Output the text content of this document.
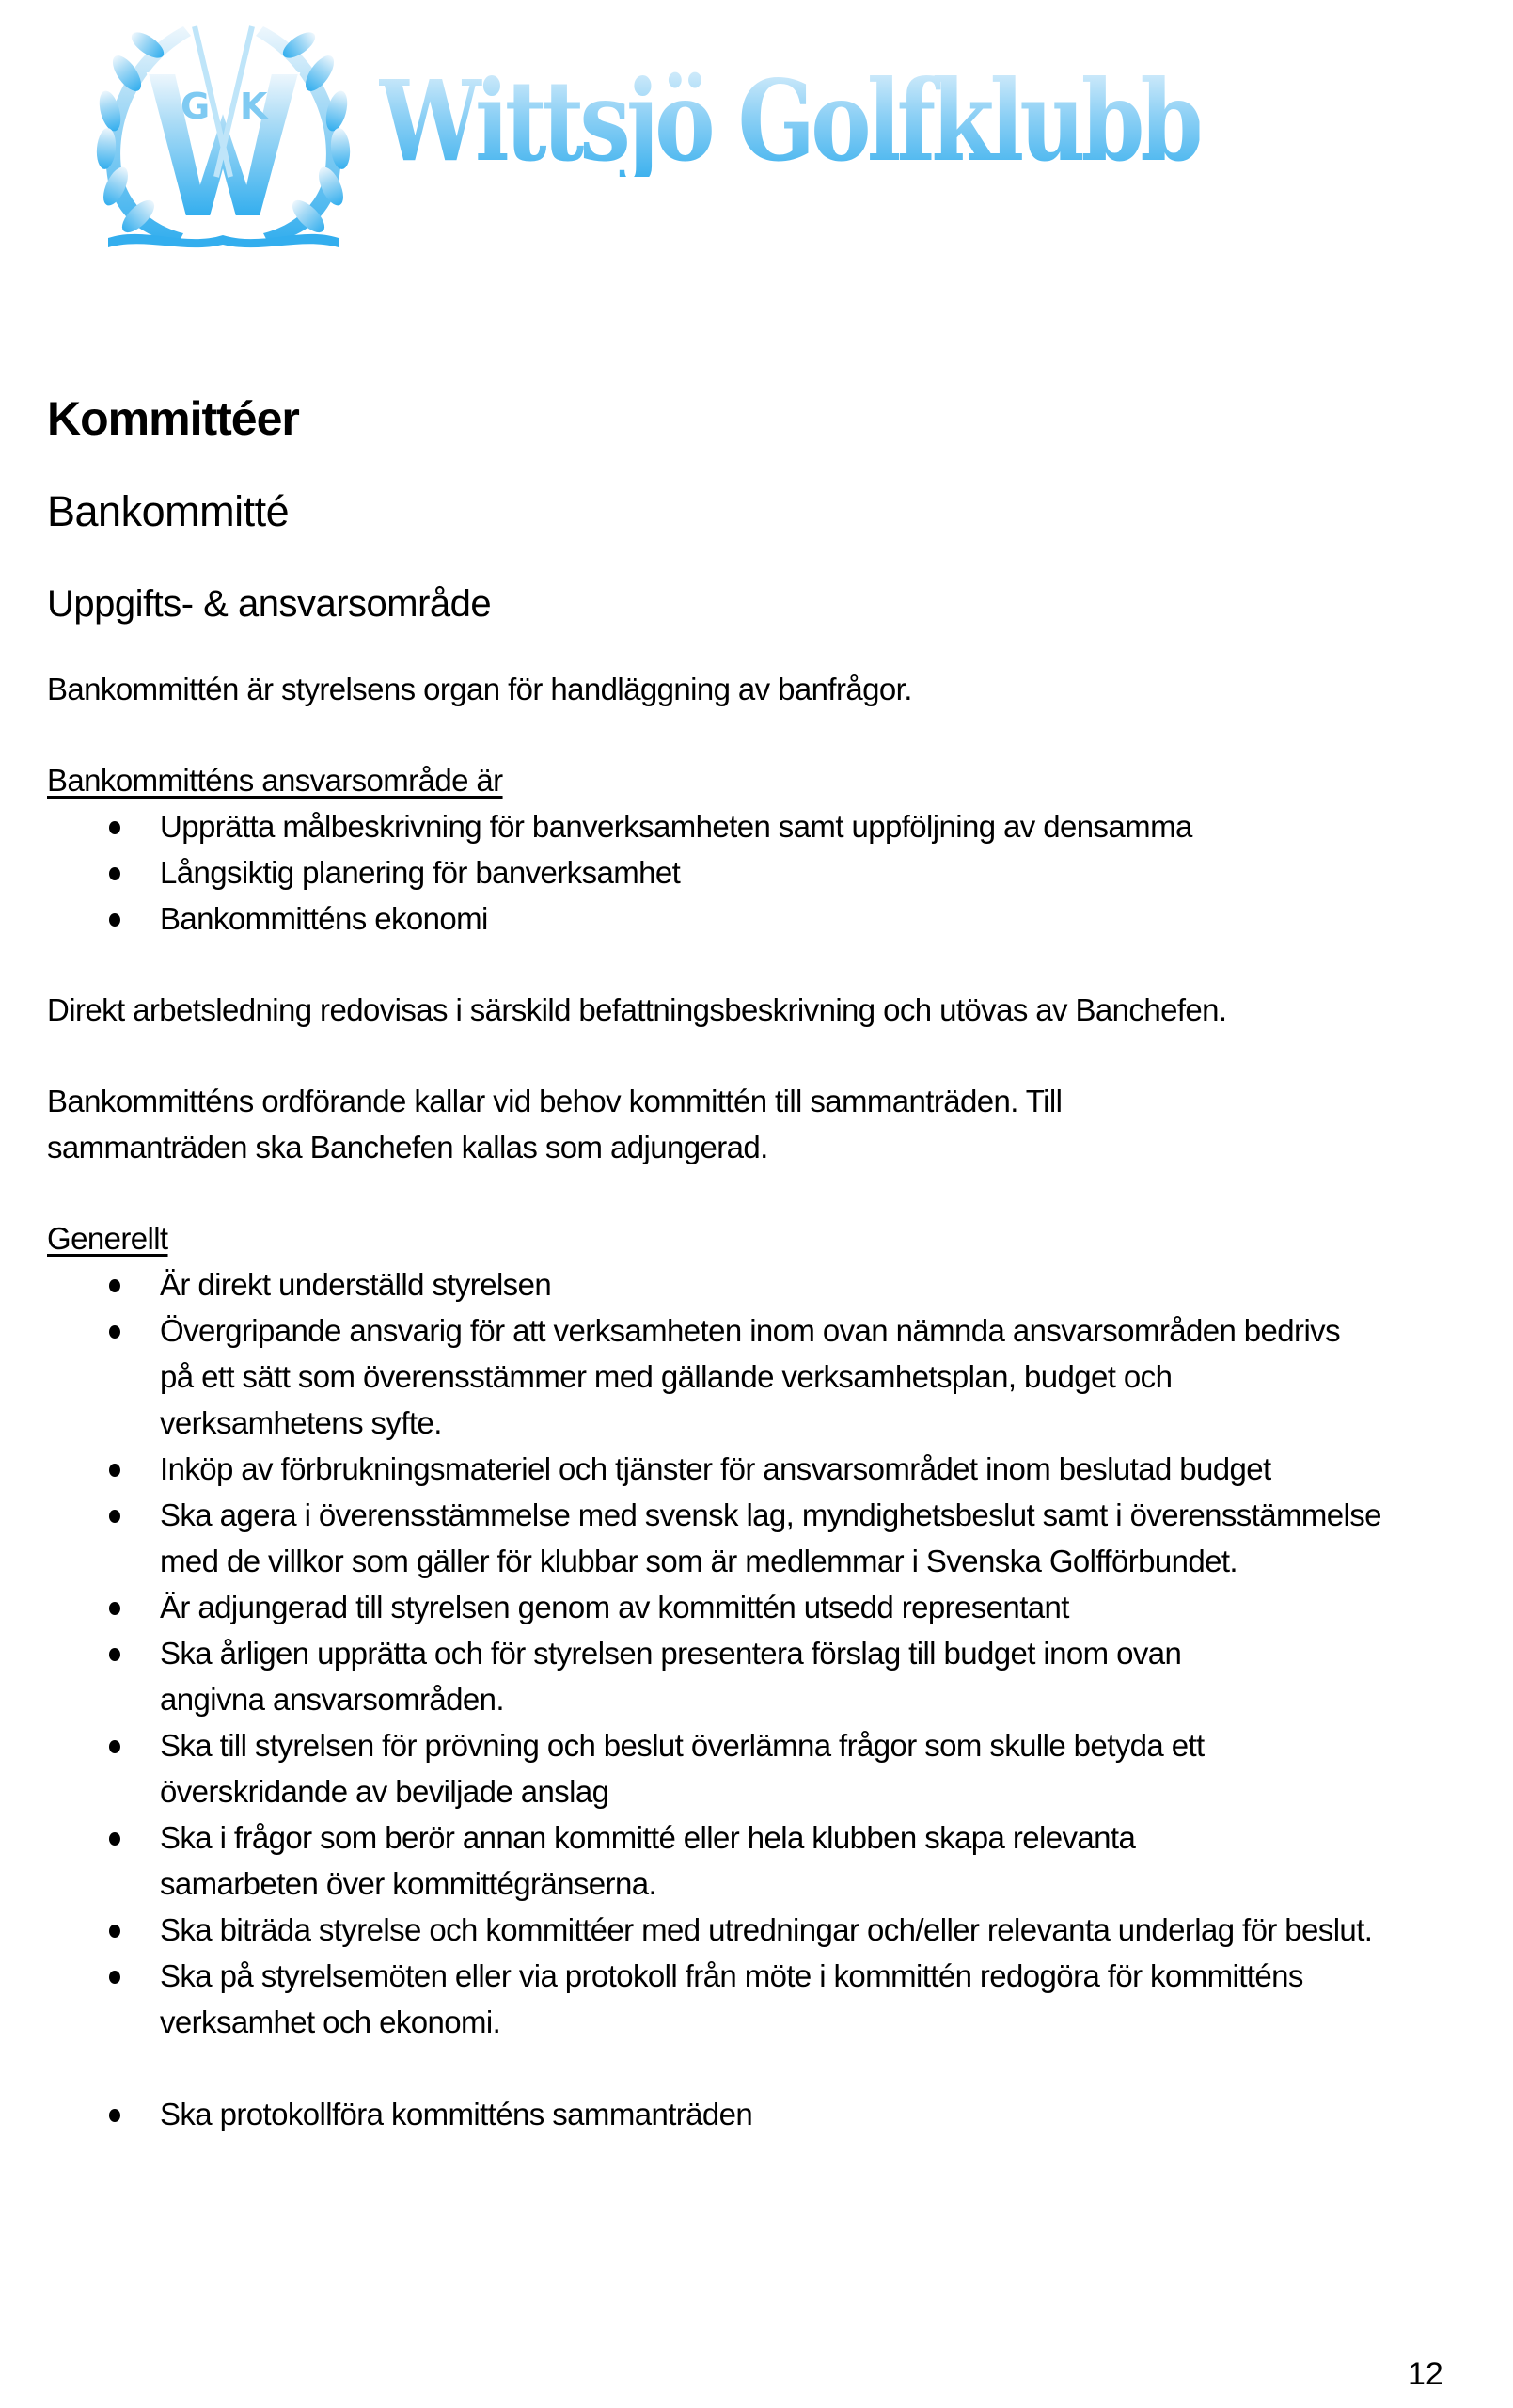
G K Wittsjö Golfklubb
Kommittéer
Bankommitté
Uppgifts- & ansvarsområde

Bankommittén är styrelsens organ för handläggning av banfrågor.

Bankommitténs ansvarsområde är

Upprätta målbeskrivning för banverksamheten samt uppföljning av densamma
Långsiktig planering för banverksamhet
Bankommitténs ekonomi

Direkt arbetsledning redovisas i särskild befattningsbeskrivning och utövas av Banchefen.

Bankommitténs ordförande kallar vid behov kommittén till sammanträden. Till

sammanträden ska Banchefen kallas som adjungerad.

Generellt

Är direkt underställd styrelsen
Övergripande ansvarig för att verksamheten inom ovan nämnda ansvarsområden bedrivs på ett sätt som överensstämmer med gällande verksamhetsplan, budget och verksamhetens syfte.
Inköp av förbrukningsmateriel och tjänster för ansvarsområdet inom beslutad budget
Ska agera i överensstämmelse med svensk lag, myndighetsbeslut samt i överensstämmelse med de villkor som gäller för klubbar som är medlemmar i Svenska Golfförbundet.
Är adjungerad till styrelsen genom av kommittén utsedd representant
Ska årligen upprätta och för styrelsen presentera förslag till budget inom ovan angivna ansvarsområden.
Ska till styrelsen för prövning och beslut överlämna frågor som skulle betyda ett överskridande av beviljade anslag
Ska i frågor som berör annan kommitté eller hela klubben skapa relevanta samarbeten över kommittégränserna.
Ska biträda styrelse och kommittéer med utredningar och/eller relevanta underlag för beslut.
Ska på styrelsemöten eller via protokoll från möte i kommittén redogöra för kommitténs verksamhet och ekonomi.
Ska protokollföra kommitténs sammanträden
12
